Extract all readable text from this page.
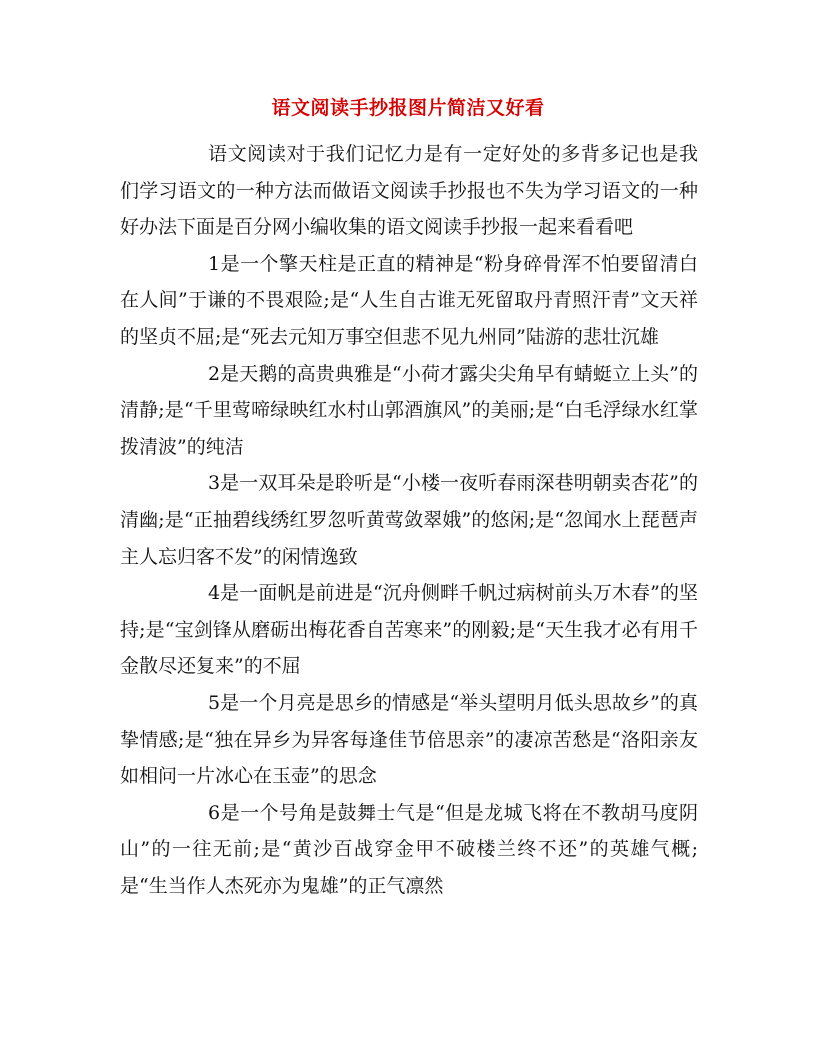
语文阅读手抄报图片简洁又好看

语文阅读对于我们记忆力是有一定好处的多背多记也是我们学习语文的一种方法而做语文阅读手抄报也不失为学习语文的一种好办法下面是百分网小编收集的语文阅读手抄报一起来看看吧

1是一个擎天柱是正直的精神是“粉身碎骨浑不怕要留清白在人间”于谦的不畏艰险;是“人生自古谁无死留取丹青照汗青”文天祥的坚贞不屈;是“死去元知万事空但悲不见九州同”陆游的悲壮沉雄

2是天鹅的高贵典雅是“小荷才露尖尖角早有蜻蜓立上头”的清静;是“千里莺啼绿映红水村山郭酒旗风”的美丽;是“白毛浮绿水红掌拨清波”的纯洁

3是一双耳朵是聆听是“小楼一夜听春雨深巷明朝卖杏花”的清幽;是“正抽碧线绣红罗忽听黄莺敛翠娥”的悠闲;是“忽闻水上琵琶声主人忘归客不发”的闲情逸致

4是一面帆是前进是“沉舟侧畔千帆过病树前头万木春”的坚持;是“宝剑锋从磨砺出梅花香自苦寒来”的刚毅;是“天生我才必有用千金散尽还复来”的不屈

5是一个月亮是思乡的情感是“举头望明月低头思故乡”的真挚情感;是“独在异乡为异客每逢佳节倍思亲”的凄凉苦愁是“洛阳亲友如相问一片冰心在玉壶”的思念

6是一个号角是鼓舞士气是“但是龙城飞将在不教胡马度阴山”的一往无前;是“黄沙百战穿金甲不破楼兰终不还”的英雄气概;是“生当作人杰死亦为鬼雄”的正气凛然
